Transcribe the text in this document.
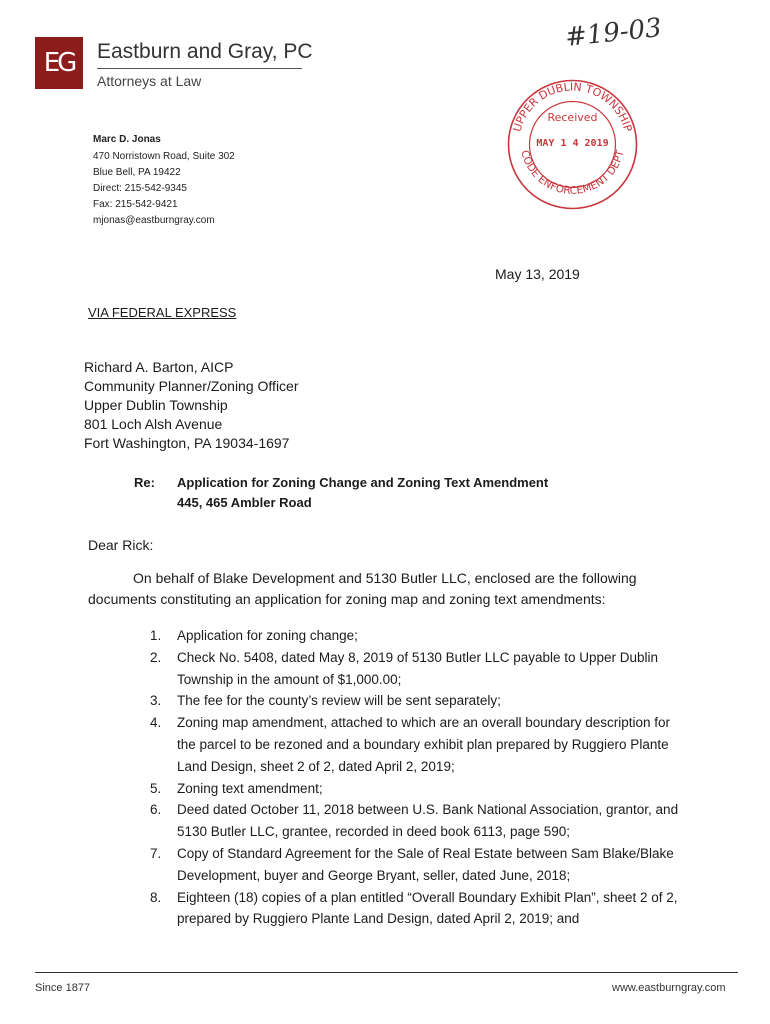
EG	Eastburn and Gray, PC
Attorneys at Law
Marc D. Jonas
470 Norristown Road, Suite 302
Blue Bell, PA 19422
Direct: 215-542-9345
Fax: 215-542-9421
mjonas@eastburngray.com
#19-03
UPPER DUBLIN TOWNSHIP
CODE ENFORCEMENT DEPT
Received
MAY 1 4 2019
May 13, 2019
VIA FEDERAL EXPRESS
Richard A. Barton, AICP
Community Planner/Zoning Officer
Upper Dublin Township
801 Loch Alsh Avenue
Fort Washington, PA 19034-1697
Re: Application for Zoning Change and Zoning Text Amendment
445, 465 Ambler Road
Dear Rick:
On behalf of Blake Development and 5130 Butler LLC, enclosed are the following documents constituting an application for zoning map and zoning text amendments:
1.	Application for zoning change;
2.	Check No. 5408, dated May 8, 2019 of 5130 Butler LLC payable to Upper Dublin Township in the amount of $1,000.00;
3.	The fee for the county’s review will be sent separately;
4.	Zoning map amendment, attached to which are an overall boundary description for the parcel to be rezoned and a boundary exhibit plan prepared by Ruggiero Plante Land Design, sheet 2 of 2, dated April 2, 2019;
5.	Zoning text amendment;
6.	Deed dated October 11, 2018 between U.S. Bank National Association, grantor, and 5130 Butler LLC, grantee, recorded in deed book 6113, page 590;
7.	Copy of Standard Agreement for the Sale of Real Estate between Sam Blake/Blake Development, buyer and George Bryant, seller, dated June, 2018;
8.	Eighteen (18) copies of a plan entitled “Overall Boundary Exhibit Plan”, sheet 2 of 2, prepared by Ruggiero Plante Land Design, dated April 2, 2019; and
Since 1877	www.eastburngray.com
